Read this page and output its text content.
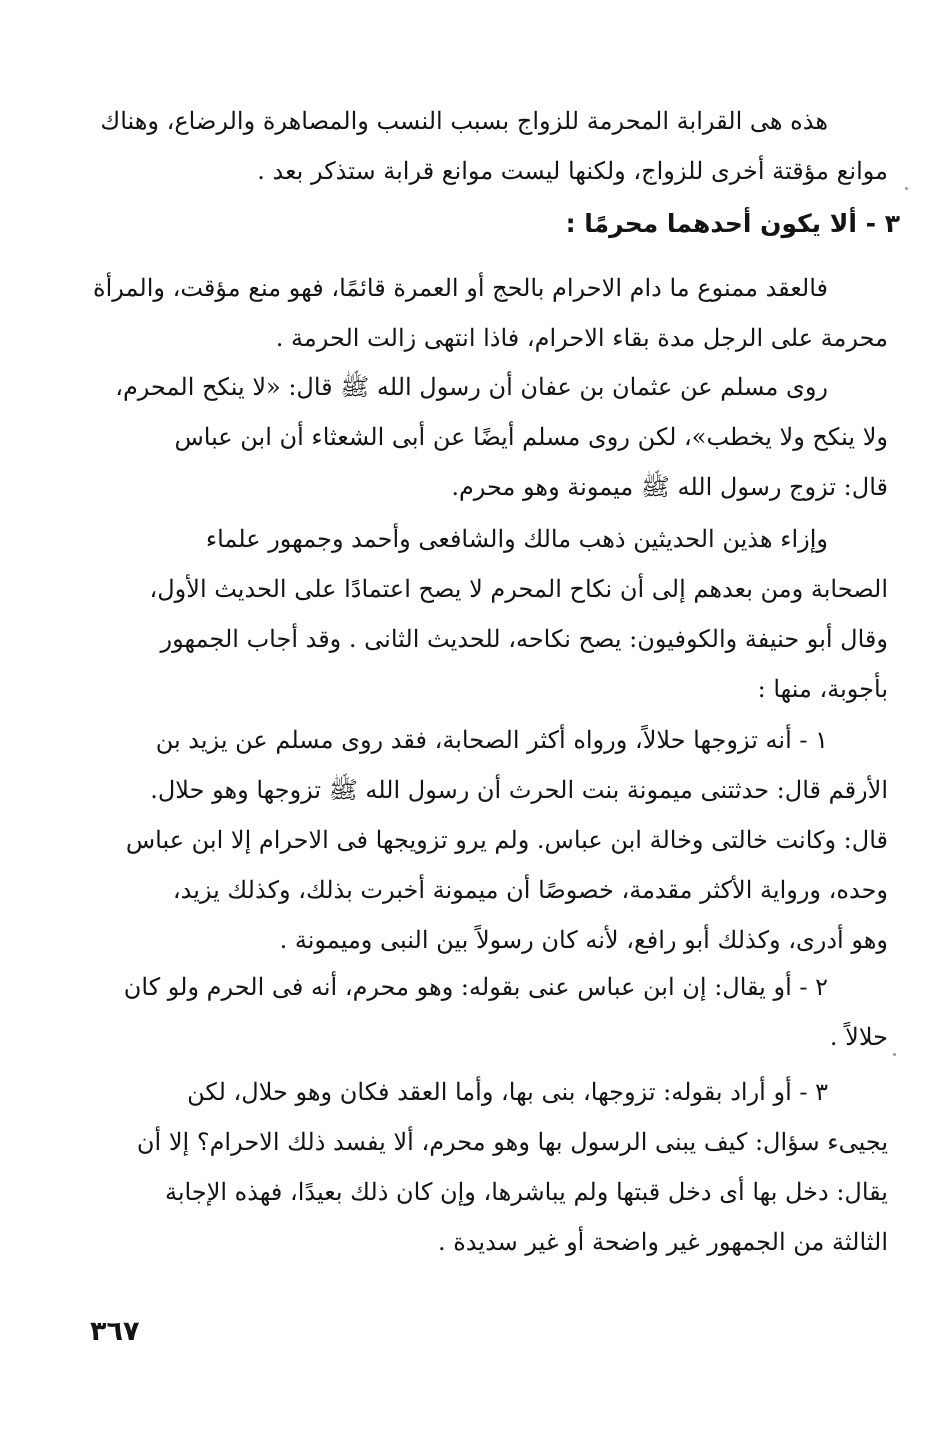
هذه هى القرابة المحرمة للزواج بسبب النسب والمصاهرة والرضاع، وهناك
موانع مؤقتة أخرى للزواج، ولكنها ليست موانع قرابة ستذكر بعد .
٣ - ألا يكون أحدهما محرمًا :
فالعقد ممنوع ما دام الاحرام بالحج أو العمرة قائمًا، فهو منع مؤقت، والمرأة
محرمة على الرجل مدة بقاء الاحرام، فاذا انتهى زالت الحرمة .
روى مسلم عن عثمان بن عفان أن رسول الله ﷺ قال: «لا ينكح المحرم،
ولا ينكح ولا يخطب»، لكن روى مسلم أيضًا عن أبى الشعثاء أن ابن عباس
قال: تزوج رسول الله ﷺ ميمونة وهو محرم.
وإزاء هذين الحديثين ذهب مالك والشافعى وأحمد وجمهور علماء
الصحابة ومن بعدهم إلى أن نكاح المحرم لا يصح اعتمادًا على الحديث الأول،
وقال أبو حنيفة والكوفيون: يصح نكاحه، للحديث الثانى . وقد أجاب الجمهور
بأجوبة، منها :
١ - أنه تزوجها حلالاً، ورواه أكثر الصحابة، فقد روى مسلم عن يزيد بن
الأرقم قال: حدثتنى ميمونة بنت الحرث أن رسول الله ﷺ تزوجها وهو حلال.
قال: وكانت خالتى وخالة ابن عباس. ولم يرو تزويجها فى الاحرام إلا ابن عباس
وحده، ورواية الأكثر مقدمة، خصوصًا أن ميمونة أخبرت بذلك، وكذلك يزيد،
وهو أدرى، وكذلك أبو رافع، لأنه كان رسولاً بين النبى وميمونة .
٢ - أو يقال: إن ابن عباس عنى بقوله: وهو محرم، أنه فى الحرم ولو كان
حلالاً .
٣ - أو أراد بقوله: تزوجها، بنى بها، وأما العقد فكان وهو حلال، لكن
يجيىء سؤال: كيف يبنى الرسول بها وهو محرم، ألا يفسد ذلك الاحرام؟ إلا أن
يقال: دخل بها أى دخل قبتها ولم يباشرها، وإن كان ذلك بعيدًا، فهذه الإجابة
الثالثة من الجمهور غير واضحة أو غير سديدة .
٣٦٧
